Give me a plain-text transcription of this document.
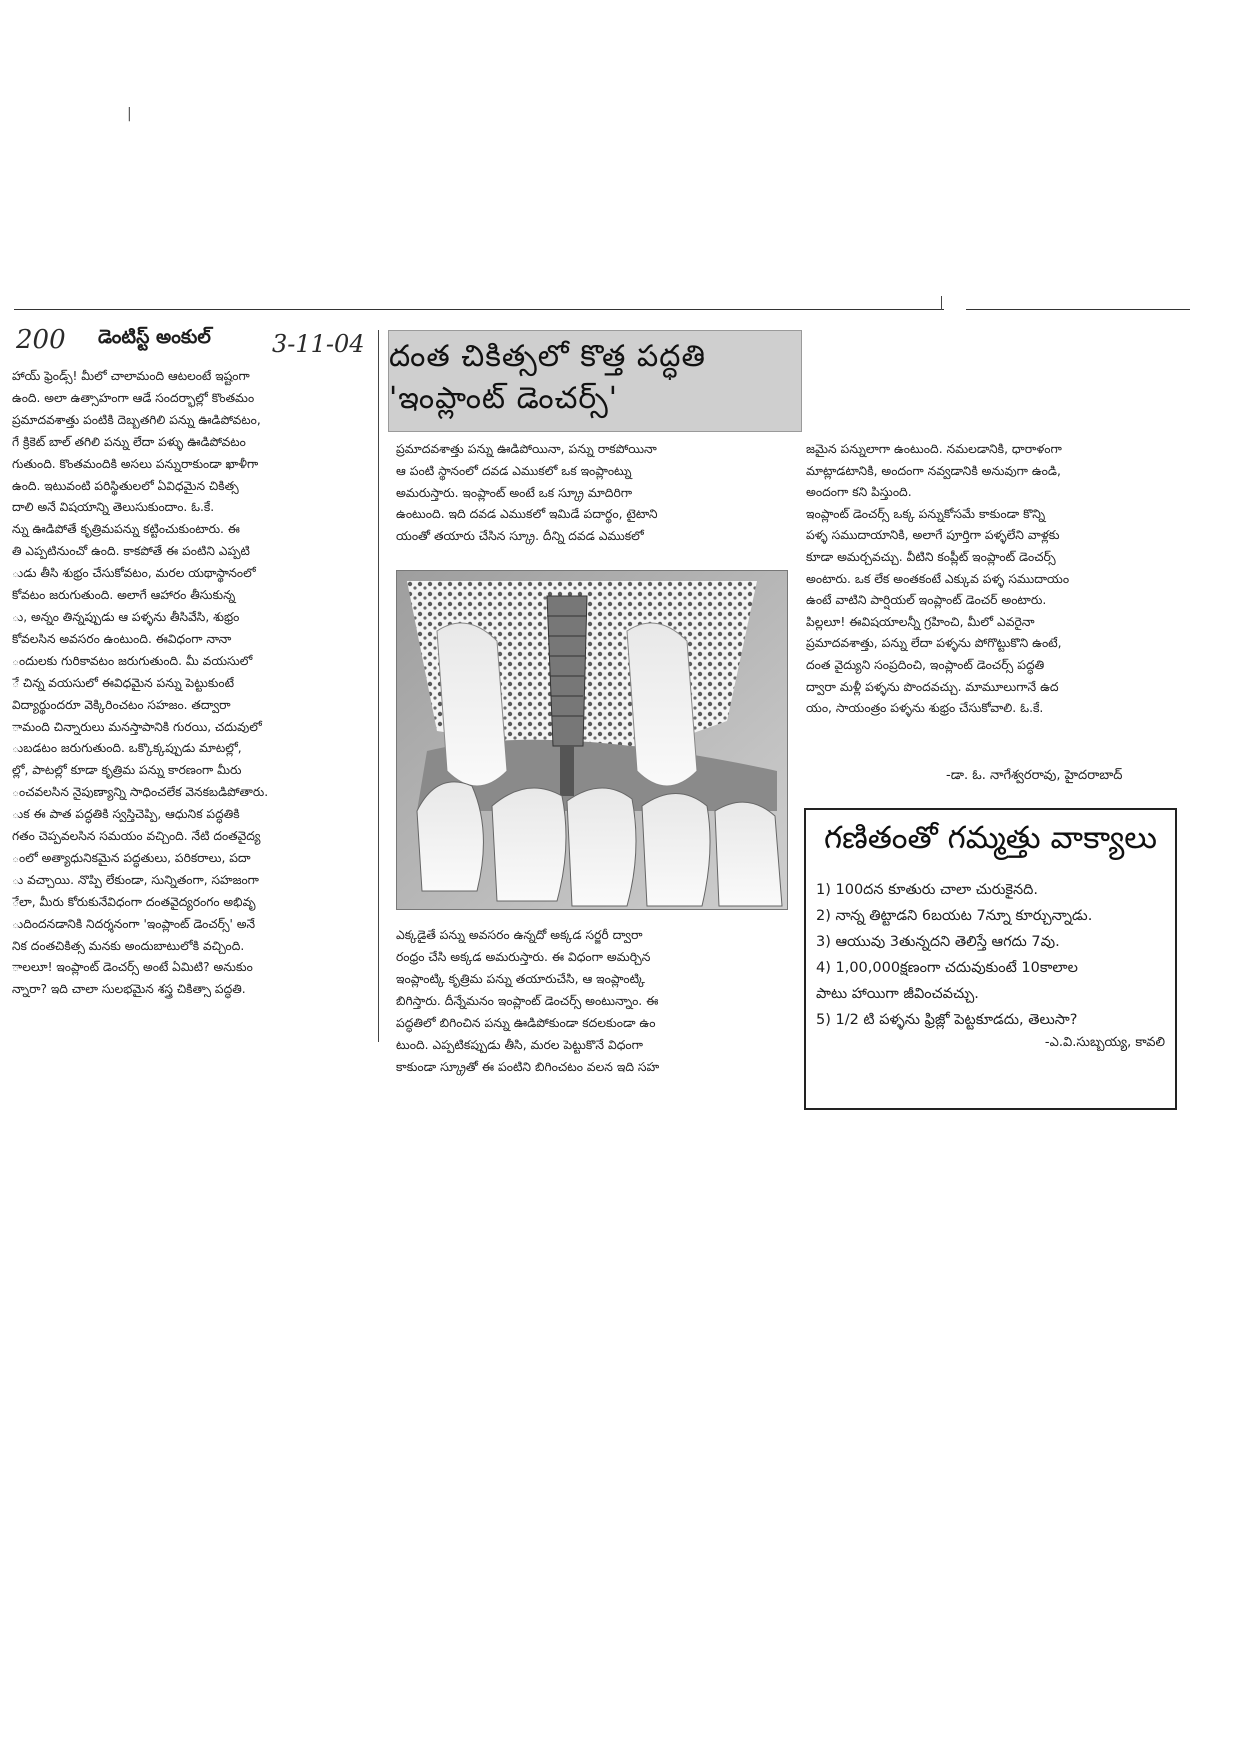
|
200 డెంటిస్ట్ అంకుల్	3-11-04

హాయ్ ఫ్రెండ్స్! మీలో చాలామంది ఆటలంటే ఇష్టంగా

ఉంది. అలా ఉత్సాహంగా ఆడే సందర్భాల్లో కొంతమం

ప్రమాదవశాత్తు పంటికి దెబ్బతగిలి పన్ను ఊడిపోవటం,

గే క్రికెట్ బాల్ తగిలి పన్ను లేదా పళ్ళు ఊడిపోవటం

గుతుంది. కొంతమందికి అసలు పన్నురాకుండా ఖాళీగా

ఉంది. ఇటువంటి పరిస్థితులలో ఏవిధమైన చికిత్స

దాలి అనే విషయాన్ని తెలుసుకుందాం. ఓ.కే.

న్ను ఊడిపోతే కృత్రిమపన్ను కట్టించుకుంటారు. ఈ

తి ఎప్పటినుంచో ఉంది. కాకపోతే ఈ పంటిని ఎప్పటి

ుడు తీసి శుభ్రం చేసుకోవటం, మరల యథాస్థానంలో

కోవటం జరుగుతుంది. అలాగే ఆహారం తీసుకున్న

ు, అన్నం తిన్నప్పుడు ఆ పళ్ళను తీసివేసి, శుభ్రం

కోవలసిన అవసరం ఉంటుంది. ఈవిధంగా నానా

ందులకు గురికావటం జరుగుతుంది. మీ వయసులో

ే చిన్న వయసులో ఈవిధమైన పన్ను పెట్టుకుంటే

విద్యార్థుందరూ వెక్కిరించటం సహజం. తద్వారా

ామంది చిన్నారులు మనస్తాపానికి గురయి, చదువులో

ుబడటం జరుగుతుంది. ఒక్కొక్కప్పుడు మాటల్లో,

ల్లో, పాటల్లో కూడా కృత్రిమ పన్ను కారణంగా మీరు

ంచవలసిన నైపుణ్యాన్ని సాధించలేక వెనకబడిపోతారు.

ుక ఈ పాత పద్ధతికి స్వస్తిచెప్పి, ఆధునిక పద్ధతికి

గతం చెప్పవలసిన సమయం వచ్చింది. నేటి దంతవైద్య

ంలో అత్యాధునికమైన పద్ధతులు, పరికరాలు, పదా

ు వచ్చాయి. నొప్పి లేకుండా, సున్నితంగా, సహజంగా

ేలా, మీరు కోరుకునేవిధంగా దంతవైద్యరంగం అభివృ

ుదిందనడానికి నిదర్శనంగా 'ఇంప్లాంట్ డెంచర్స్' అనే

నిక దంతచికిత్స మనకు అందుబాటులోకి వచ్చింది.

ాలలూ! ఇంప్లాంట్ డెంచర్స్ అంటే ఏమిటి? అనుకుం

న్నారా? ఇది చాలా సులభమైన శస్త్ర చికిత్సా పద్ధతి.

దంత చికిత్సలో కొత్త పద్ధతి 'ఇంప్లాంట్ డెంచర్స్'

ప్రమాదవశాత్తు పన్ను ఊడిపోయినా, పన్ను రాకపోయినా

ఆ పంటి స్థానంలో దవడ ఎముకలో ఒక ఇంప్లాంట్ను

అమరుస్తారు. ఇంప్లాంట్ అంటే ఒక స్క్రూ మాదిరిగా

ఉంటుంది. ఇది దవడ ఎముకలో ఇమిడే పదార్థం, టైటాని

యంతో తయారు చేసిన స్క్రూ. దీన్ని దవడ ఎముకలో

ఎక్కడైతే పన్ను అవసరం ఉన్నదో అక్కడ సర్జరీ ద్వారా

రంధ్రం చేసి అక్కడ అమరుస్తారు. ఈ విధంగా అమర్చిన

ఇంప్లాంట్కి కృత్రిమ పన్ను తయారుచేసి, ఆ ఇంప్లాంట్కి

బిగిస్తారు. దీన్నేమనం ఇంప్లాంట్ డెంచర్స్ అంటున్నాం. ఈ

పద్ధతిలో బిగించిన పన్ను ఊడిపోకుండా కదలకుండా ఉం

టుంది. ఎప్పటికప్పుడు తీసి, మరల పెట్టుకొనే విధంగా

కాకుండా స్క్రూతో ఈ పంటిని బిగించటం వలన ఇది సహ

జమైన పన్నులాగా ఉంటుంది. నమలడానికి, ధారాళంగా

మాట్లాడటానికి, అందంగా నవ్వడానికి అనువుగా ఉండి,

అందంగా కని పిస్తుంది.

ఇంప్లాంట్ డెంచర్స్ ఒక్క పన్నుకోసమే కాకుండా కొన్ని

పళ్ళ సముదాయానికి, అలాగే పూర్తిగా పళ్ళలేని వాళ్లకు

కూడా అమర్చవచ్చు. వీటిని కంప్లీట్ ఇంప్లాంట్ డెంచర్స్

అంటారు. ఒక లేక అంతకంటే ఎక్కువ పళ్ళ సముదాయం

ఉంటే వాటిని పార్షియల్ ఇంప్లాంట్ డెంచర్ అంటారు.

పిల్లలూ! ఈవిషయాలన్నీ గ్రహించి, మీలో ఎవరైనా

ప్రమాదవశాత్తు, పన్ను లేదా పళ్ళను పోగొట్టుకొని ఉంటే,

దంత వైద్యుని సంప్రదించి, ఇంప్లాంట్ డెంచర్స్ పద్ధతి

ద్వారా మళ్లీ పళ్ళను పొందవచ్చు. మామూలుగానే ఉద

యం, సాయంత్రం పళ్ళను శుభ్రం చేసుకోవాలి. ఓ.కే.

-డా. ఓ. నాగేశ్వరరావు, హైదరాబాద్
గణితంతో గమ్మత్తు వాక్యాలు
1) 100దన కూతురు చాలా చురుకైనది.
2) నాన్న తిట్టాడని 6బయట 7న్నూ కూర్చున్నాడు.
3) ఆయువు 3తున్నదని తెలిస్తే ఆగదు 7వు.
4) 1,00,000క్షణంగా చదువుకుంటే 10కాలాల
పాటు హాయిగా జీవించవచ్చు.
5) 1/2 టి పళ్ళను ఫ్రిజ్లో పెట్టకూడదు, తెలుసా?
-ఎ.వి.సుబ్బయ్య, కావలి
